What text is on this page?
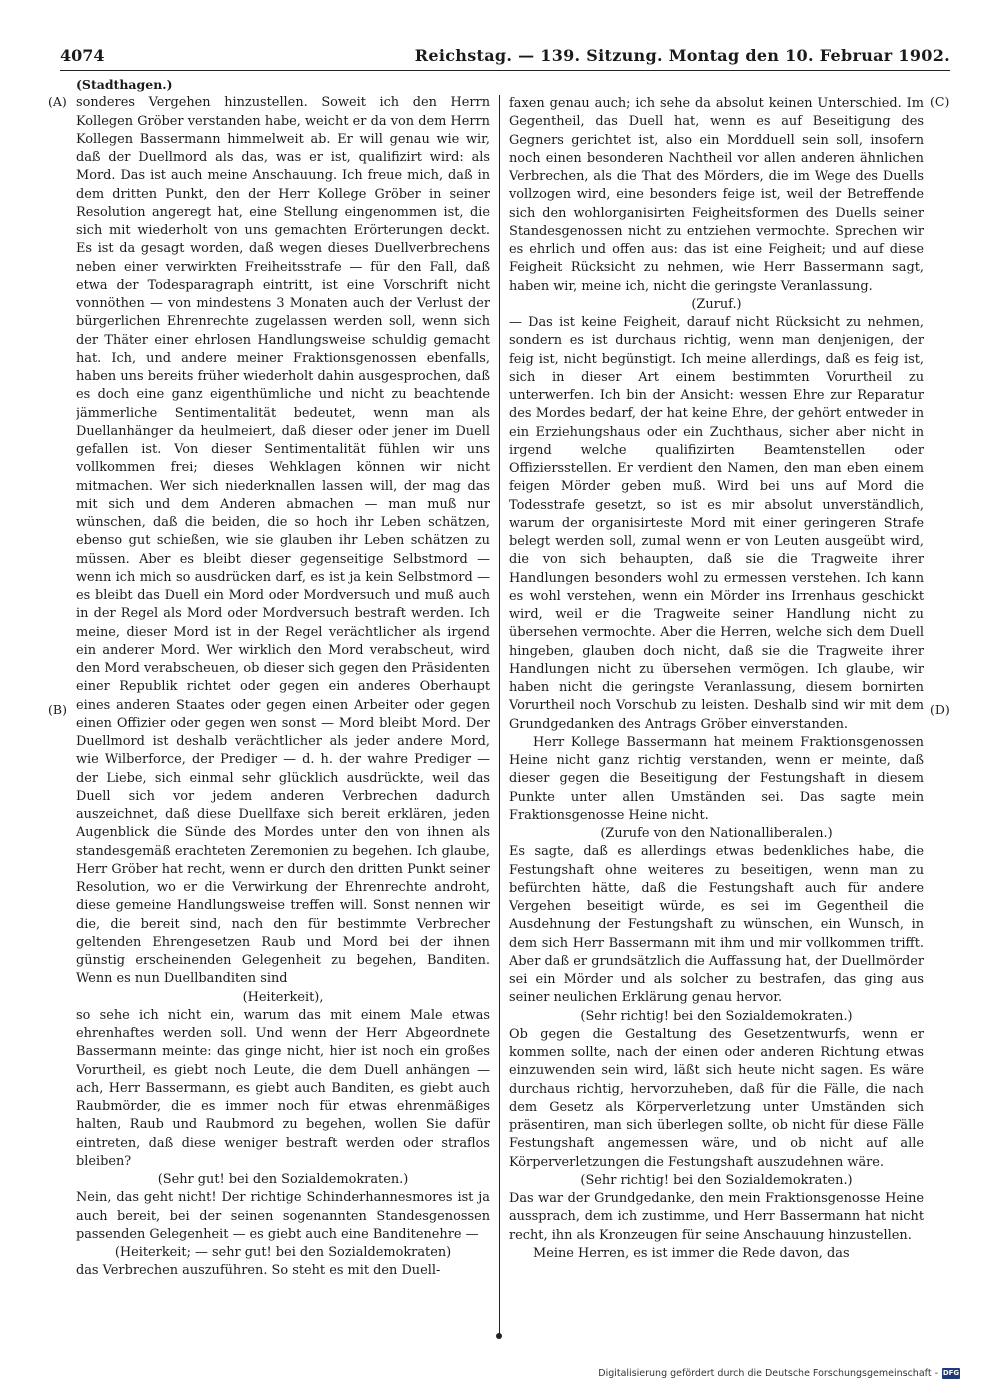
4074	Reichstag. — 139. Sitzung. Montag den 10. Februar 1902.
(Stadthagen.)

sonderes Vergehen hinzustellen. Soweit ich den Herrn Kollegen Gröber verstanden habe, weicht er da von dem Herrn Kollegen Bassermann himmelweit ab. Er will genau wie wir, daß der Duellmord als das, was er ist, qualifizirt wird: als Mord. Das ist auch meine Anschauung. Ich freue mich, daß in dem dritten Punkt, den der Herr Kollege Gröber in seiner Resolution angeregt hat, eine Stellung eingenommen ist, die sich mit wiederholt von uns gemachten Erörterungen deckt. Es ist da gesagt worden, daß wegen dieses Duellverbrechens neben einer verwirkten Freiheitsstrafe — für den Fall, daß etwa der Todesparagraph eintritt, ist eine Vorschrift nicht vonnöthen — von mindestens 3 Monaten auch der Verlust der bürgerlichen Ehrenrechte zugelassen werden soll, wenn sich der Thäter einer ehrlosen Handlungsweise schuldig gemacht hat. Ich, und andere meiner Fraktionsgenossen ebenfalls, haben uns bereits früher wiederholt dahin ausgesprochen, daß es doch eine ganz eigenthümliche und nicht zu beachtende jämmerliche Sentimentalität bedeutet, wenn man als Duellanhänger da heulmeiert, daß dieser oder jener im Duell gefallen ist. Von dieser Sentimentalität fühlen wir uns vollkommen frei; dieses Wehklagen können wir nicht mitmachen. Wer sich niederknallen lassen will, der mag das mit sich und dem Anderen abmachen — man muß nur wünschen, daß die beiden, die so hoch ihr Leben schätzen, ebenso gut schießen, wie sie glauben ihr Leben schätzen zu müssen. Aber es bleibt dieser gegenseitige Selbstmord — wenn ich mich so ausdrücken darf, es ist ja kein Selbstmord — es bleibt das Duell ein Mord oder Mordversuch und muß auch in der Regel als Mord oder Mordversuch bestraft werden. Ich meine, dieser Mord ist in der Regel verächtlicher als irgend ein anderer Mord. Wer wirklich den Mord verabscheut, wird den Mord verabscheuen, ob dieser sich gegen den Präsidenten einer Republik richtet oder gegen ein anderes Oberhaupt eines anderen Staates oder gegen einen Arbeiter oder gegen einen Offizier oder gegen wen sonst — Mord bleibt Mord. Der Duellmord ist deshalb verächtlicher als jeder andere Mord, wie Wilberforce, der Prediger — d. h. der wahre Prediger — der Liebe, sich einmal sehr glücklich ausdrückte, weil das Duell sich vor jedem anderen Verbrechen dadurch auszeichnet, daß diese Duellfaxe sich bereit erklären, jeden Augenblick die Sünde des Mordes unter den von ihnen als standesgemäß erachteten Zeremonien zu begehen. Ich glaube, Herr Gröber hat recht, wenn er durch den dritten Punkt seiner Resolution, wo er die Verwirkung der Ehrenrechte androht, diese gemeine Handlungsweise treffen will. Sonst nennen wir die, die bereit sind, nach den für bestimmte Verbrecher geltenden Ehrengesetzen Raub und Mord bei der ihnen günstig erscheinenden Gelegenheit zu begehen, Banditen. Wenn es nun Duellbanditen sind

(Heiterkeit),

so sehe ich nicht ein, warum das mit einem Male etwas ehrenhaftes werden soll. Und wenn der Herr Abgeordnete Bassermann meinte: das ginge nicht, hier ist noch ein großes Vorurtheil, es giebt noch Leute, die dem Duell anhängen — ach, Herr Bassermann, es giebt auch Banditen, es giebt auch Raubmörder, die es immer noch für etwas ehrenmäßiges halten, Raub und Raubmord zu begehen, wollen Sie dafür eintreten, daß diese weniger bestraft werden oder straflos bleiben?

(Sehr gut! bei den Sozialdemokraten.)

Nein, das geht nicht! Der richtige Schinderhannesmores ist ja auch bereit, bei der seinen sogenannten Standesgenossen passenden Gelegenheit — es giebt auch eine Banditenehre —

(Heiterkeit; — sehr gut! bei den Sozialdemokraten)

das Verbrechen auszuführen. So steht es mit den Duell-

faxen genau auch; ich sehe da absolut keinen Unterschied. Im Gegentheil, das Duell hat, wenn es auf Beseitigung des Gegners gerichtet ist, also ein Mordduell sein soll, insofern noch einen besonderen Nachtheil vor allen anderen ähnlichen Verbrechen, als die That des Mörders, die im Wege des Duells vollzogen wird, eine besonders feige ist, weil der Betreffende sich den wohlorganisirten Feigheitsformen des Duells seiner Standesgenossen nicht zu entziehen vermochte. Sprechen wir es ehrlich und offen aus: das ist eine Feigheit; und auf diese Feigheit Rücksicht zu nehmen, wie Herr Bassermann sagt, haben wir, meine ich, nicht die geringste Veranlassung.

(Zuruf.)

— Das ist keine Feigheit, darauf nicht Rücksicht zu nehmen, sondern es ist durchaus richtig, wenn man denjenigen, der feig ist, nicht begünstigt. Ich meine allerdings, daß es feig ist, sich in dieser Art einem bestimmten Vorurtheil zu unterwerfen. Ich bin der Ansicht: wessen Ehre zur Reparatur des Mordes bedarf, der hat keine Ehre, der gehört entweder in ein Erziehungshaus oder ein Zuchthaus, sicher aber nicht in irgend welche qualifizirten Beamtenstellen oder Offiziersstellen. Er verdient den Namen, den man eben einem feigen Mörder geben muß. Wird bei uns auf Mord die Todesstrafe gesetzt, so ist es mir absolut unverständlich, warum der organisirteste Mord mit einer geringeren Strafe belegt werden soll, zumal wenn er von Leuten ausgeübt wird, die von sich behaupten, daß sie die Tragweite ihrer Handlungen besonders wohl zu ermessen verstehen. Ich kann es wohl verstehen, wenn ein Mörder ins Irrenhaus geschickt wird, weil er die Tragweite seiner Handlung nicht zu übersehen vermochte. Aber die Herren, welche sich dem Duell hingeben, glauben doch nicht, daß sie die Tragweite ihrer Handlungen nicht zu übersehen vermögen. Ich glaube, wir haben nicht die geringste Veranlassung, diesem bornirten Vorurtheil noch Vorschub zu leisten. Deshalb sind wir mit dem Grundgedanken des Antrags Gröber einverstanden.

Herr Kollege Bassermann hat meinem Fraktionsgenossen Heine nicht ganz richtig verstanden, wenn er meinte, daß dieser gegen die Beseitigung der Festungshaft in diesem Punkte unter allen Umständen sei. Das sagte mein Fraktionsgenosse Heine nicht.

(Zurufe von den Nationalliberalen.)

Es sagte, daß es allerdings etwas bedenkliches habe, die Festungshaft ohne weiteres zu beseitigen, wenn man zu befürchten hätte, daß die Festungshaft auch für andere Vergehen beseitigt würde, es sei im Gegentheil die Ausdehnung der Festungshaft zu wünschen, ein Wunsch, in dem sich Herr Bassermann mit ihm und mir vollkommen trifft. Aber daß er grundsätzlich die Auffassung hat, der Duellmörder sei ein Mörder und als solcher zu bestrafen, das ging aus seiner neulichen Erklärung genau hervor.

(Sehr richtig! bei den Sozialdemokraten.)

Ob gegen die Gestaltung des Gesetzentwurfs, wenn er kommen sollte, nach der einen oder anderen Richtung etwas einzuwenden sein wird, läßt sich heute nicht sagen. Es wäre durchaus richtig, hervorzuheben, daß für die Fälle, die nach dem Gesetz als Körperverletzung unter Umständen sich präsentiren, man sich überlegen sollte, ob nicht für diese Fälle Festungshaft angemessen wäre, und ob nicht auf alle Körperverletzungen die Festungshaft auszudehnen wäre.

(Sehr richtig! bei den Sozialdemokraten.)

Das war der Grundgedanke, den mein Fraktionsgenosse Heine aussprach, dem ich zustimme, und Herr Bassermann hat nicht recht, ihn als Kronzeugen für seine Anschauung hinzustellen.

Meine Herren, es ist immer die Rede davon, das

(A)
(B)
(C)
(D)
Digitalisierung gefördert durch die Deutsche Forschungsgemeinschaft - DFG
